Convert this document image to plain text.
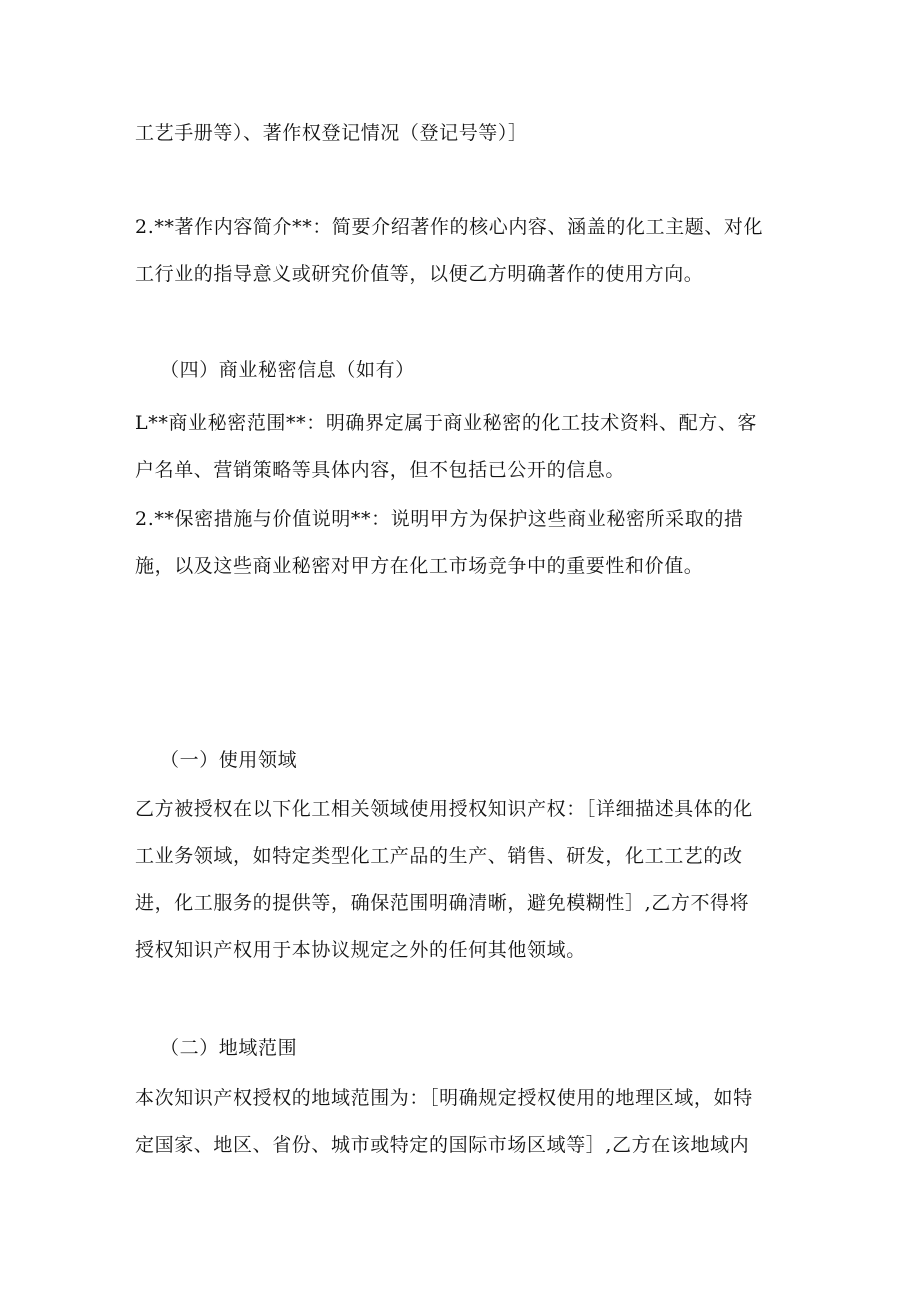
工艺手册等）、著作权登记情况（登记号等）］

2.**著作内容简介**：简要介绍著作的核心内容、涵盖的化工主题、对化
工行业的指导意义或研究价值等，以便乙方明确著作的使用方向。

（四）商业秘密信息（如有）

L**商业秘密范围**：明确界定属于商业秘密的化工技术资料、配方、客
户名单、营销策略等具体内容，但不包括已公开的信息。

2.**保密措施与价值说明**：说明甲方为保护这些商业秘密所采取的措
施，以及这些商业秘密对甲方在化工市场竞争中的重要性和价值。

（一）使用领域

乙方被授权在以下化工相关领域使用授权知识产权：［详细描述具体的化
工业务领域，如特定类型化工产品的生产、销售、研发，化工工艺的改
进，化工服务的提供等，确保范围明确清晰，避免模糊性］,乙方不得将
授权知识产权用于本协议规定之外的任何其他领域。

（二）地域范围

本次知识产权授权的地域范围为：［明确规定授权使用的地理区域，如特
定国家、地区、省份、城市或特定的国际市场区域等］,乙方在该地域内
